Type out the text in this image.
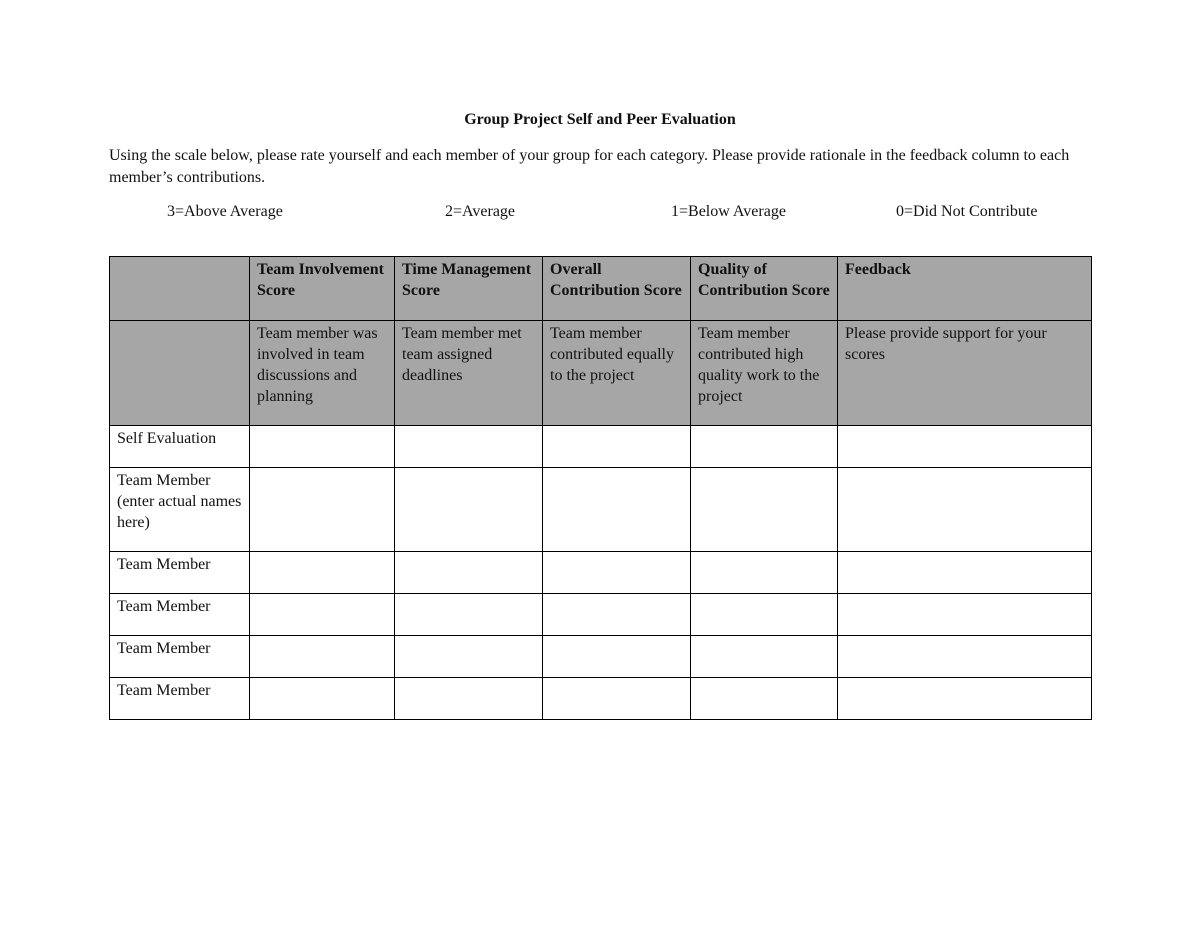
Group Project Self and Peer Evaluation
Using the scale below, please rate yourself and each member of your group for each category. Please provide rationale in the feedback column to each member’s contributions.
3=Above Average	2=Average	1=Below Average	0=Did Not Contribute
	Team Involvement Score	Time Management Score	Overall Contribution Score	Quality of Contribution Score	Feedback
	Team member was involved in team discussions and planning	Team member met team assigned deadlines	Team member contributed equally to the project	Team member contributed high quality work to the project	Please provide support for your scores
Self Evaluation					
Team Member (enter actual names here)					
Team Member					
Team Member					
Team Member					
Team Member					
